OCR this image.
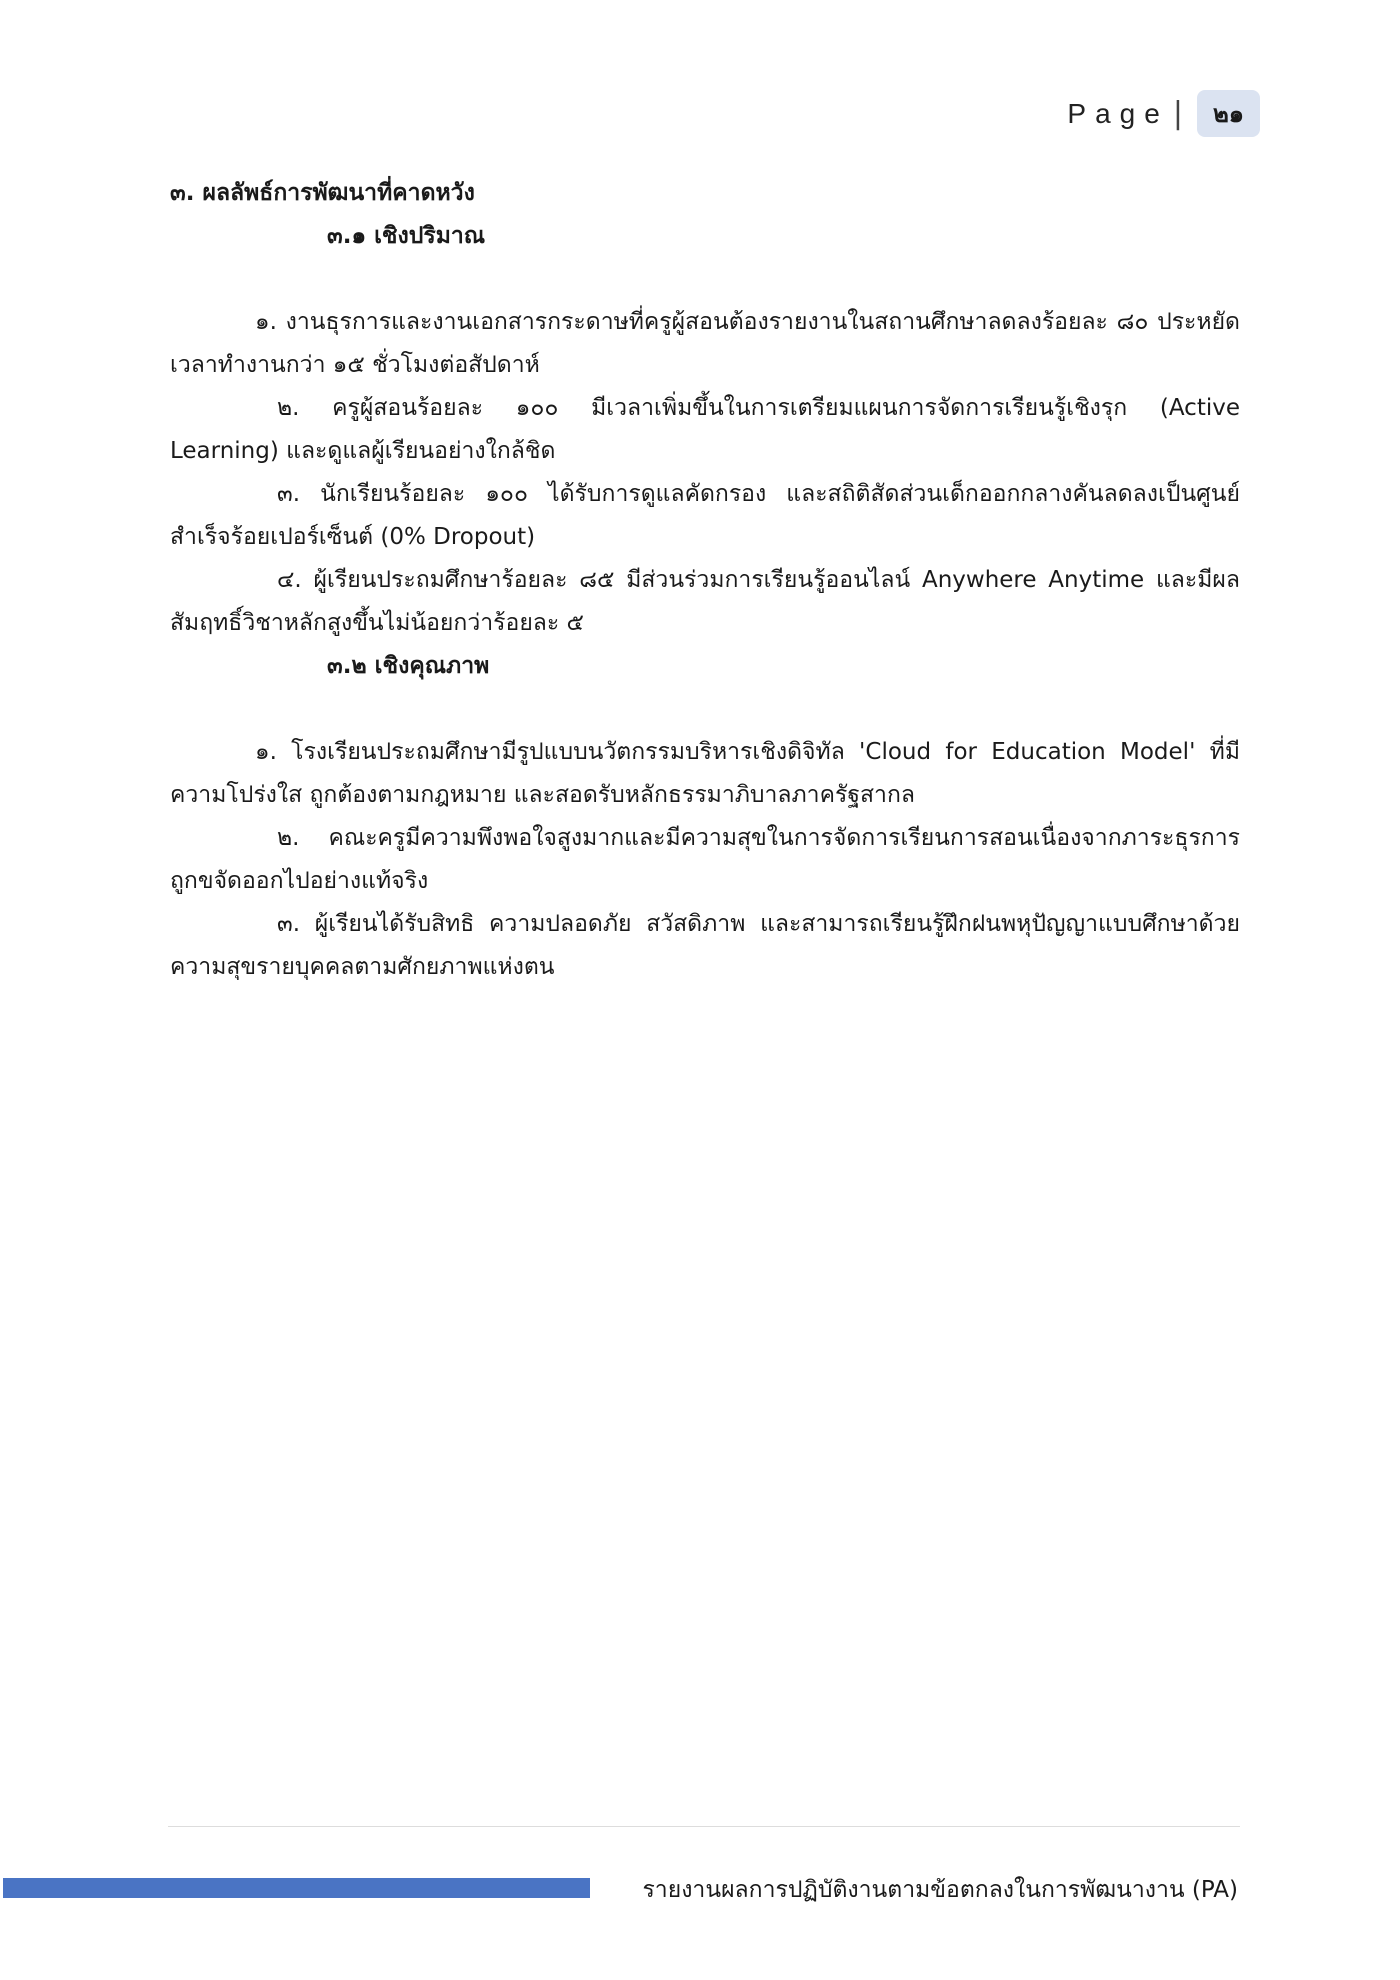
Page |	๒๑

๓. ผลลัพธ์การพัฒนาที่คาดหวัง

๓.๑ เชิงปริมาณ

๑. งานธุรการและงานเอกสารกระดาษที่ครูผู้สอนต้องรายงานในสถานศึกษาลดลงร้อยละ ๘๐ ประหยัดเวลาทำงานกว่า ๑๕ ชั่วโมงต่อสัปดาห์

๒. ครูผู้สอนร้อยละ ๑๐๐ มีเวลาเพิ่มขึ้นในการเตรียมแผนการจัดการเรียนรู้เชิงรุก (Active Learning) และดูแลผู้เรียนอย่างใกล้ชิด

๓. นักเรียนร้อยละ ๑๐๐ ได้รับการดูแลคัดกรอง และสถิติสัดส่วนเด็กออกกลางคันลดลงเป็นศูนย์สำเร็จร้อยเปอร์เซ็นต์ (0% Dropout)

๔. ผู้เรียนประถมศึกษาร้อยละ ๘๕ มีส่วนร่วมการเรียนรู้ออนไลน์ Anywhere Anytime และมีผลสัมฤทธิ์วิชาหลักสูงขึ้นไม่น้อยกว่าร้อยละ ๕

๓.๒ เชิงคุณภาพ

๑. โรงเรียนประถมศึกษามีรูปแบบนวัตกรรมบริหารเชิงดิจิทัล 'Cloud for Education Model' ที่มีความโปร่งใส ถูกต้องตามกฎหมาย และสอดรับหลักธรรมาภิบาลภาครัฐสากล

๒. คณะครูมีความพึงพอใจสูงมากและมีความสุขในการจัดการเรียนการสอนเนื่องจากภาระธุรการถูกขจัดออกไปอย่างแท้จริง

๓. ผู้เรียนได้รับสิทธิ ความปลอดภัย สวัสดิภาพ และสามารถเรียนรู้ฝึกฝนพหุปัญญาแบบศึกษาด้วยความสุขรายบุคคลตามศักยภาพแห่งตน

รายงานผลการปฏิบัติงานตามข้อตกลงในการพัฒนางาน (PA)
